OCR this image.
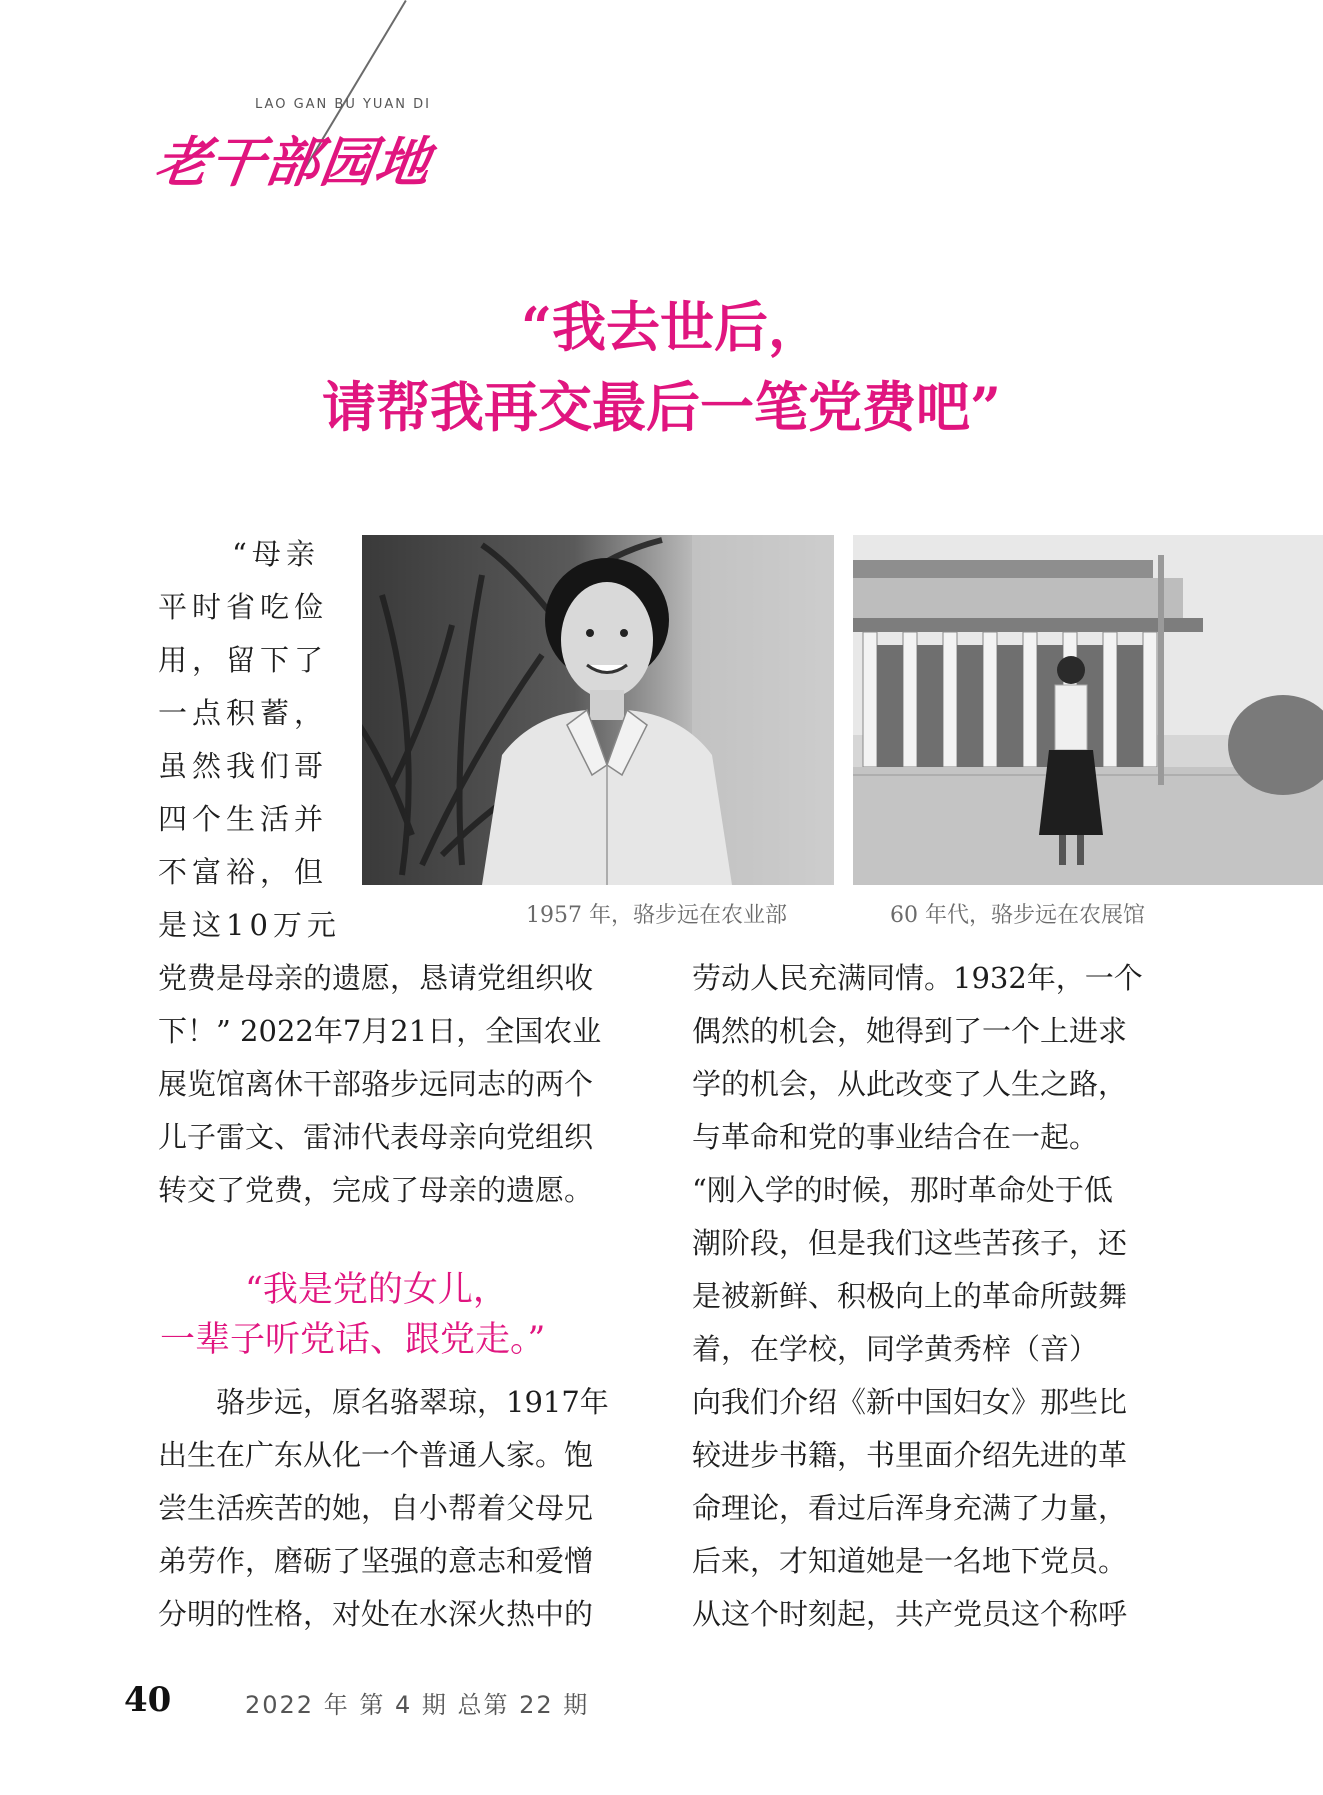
LAO GAN BU YUAN DI
老干部园地
“我去世后，
请帮我再交最后一笔党费吧”
1957 年，骆步远在农业部	60 年代，骆步远在农展馆
“母亲
平时省吃俭
用，留下了
一点积蓄，
虽然我们哥
四个生活并
不富裕，但
是这10万元
党费是母亲的遗愿，恳请党组织收
下！” 2022年7月21日，全国农业
展览馆离休干部骆步远同志的两个
儿子雷文、雷沛代表母亲向党组织
转交了党费，完成了母亲的遗愿。
“我是党的女儿，
一辈子听党话、跟党走。”
骆步远，原名骆翠琼，1917年
出生在广东从化一个普通人家。饱
尝生活疾苦的她，自小帮着父母兄
弟劳作，磨砺了坚强的意志和爱憎
分明的性格，对处在水深火热中的
劳动人民充满同情。1932年，一个
偶然的机会，她得到了一个上进求
学的机会，从此改变了人生之路，
与革命和党的事业结合在一起。
“刚入学的时候，那时革命处于低
潮阶段，但是我们这些苦孩子，还
是被新鲜、积极向上的革命所鼓舞
着，在学校，同学黄秀梓（音）
向我们介绍《新中国妇女》那些比
较进步书籍，书里面介绍先进的革
命理论，看过后浑身充满了力量，
后来，才知道她是一名地下党员。
从这个时刻起，共产党员这个称呼
40	2022 年 第 4 期 总第 22 期
